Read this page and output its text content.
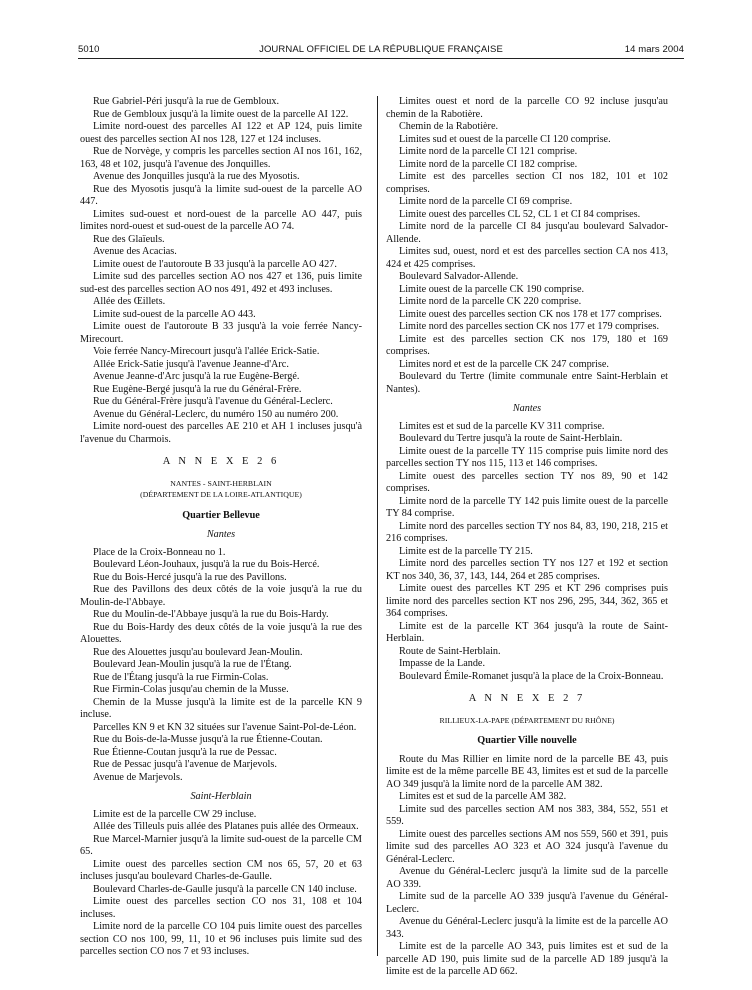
5010	JOURNAL OFFICIEL DE LA RÉPUBLIQUE FRANÇAISE	14 mars 2004

Rue Gabriel-Péri jusqu'à la rue de Gembloux.

Rue de Gembloux jusqu'à la limite ouest de la parcelle AI 122.

Limite nord-ouest des parcelles AI 122 et AP 124, puis limite ouest des parcelles section AI nos 128, 127 et 124 incluses.

Rue de Norvège, y compris les parcelles section AI nos 161, 162, 163, 48 et 102, jusqu'à l'avenue des Jonquilles.

Avenue des Jonquilles jusqu'à la rue des Myosotis.

Rue des Myosotis jusqu'à la limite sud-ouest de la parcelle AO 447.

Limites sud-ouest et nord-ouest de la parcelle AO 447, puis limites nord-ouest et sud-ouest de la parcelle AO 74.

Rue des Glaïeuls.

Avenue des Acacias.

Limite ouest de l'autoroute B 33 jusqu'à la parcelle AO 427.

Limite sud des parcelles section AO nos 427 et 136, puis limite sud-est des parcelles section AO nos 491, 492 et 493 incluses.

Allée des Œillets.

Limite sud-ouest de la parcelle AO 443.

Limite ouest de l'autoroute B 33 jusqu'à la voie ferrée Nancy-Mirecourt.

Voie ferrée Nancy-Mirecourt jusqu'à l'allée Erick-Satie.

Allée Erick-Satie jusqu'à l'avenue Jeanne-d'Arc.

Avenue Jeanne-d'Arc jusqu'à la rue Eugène-Bergé.

Rue Eugène-Bergé jusqu'à la rue du Général-Frère.

Rue du Général-Frère jusqu'à l'avenue du Général-Leclerc.

Avenue du Général-Leclerc, du numéro 150 au numéro 200.

Limite nord-ouest des parcelles AE 210 et AH 1 incluses jusqu'à l'avenue du Charmois.

A N N E X E 2 6

NANTES - SAINT-HERBLAIN

(DÉPARTEMENT DE LA LOIRE-ATLANTIQUE)

Quartier Bellevue

Nantes

Place de la Croix-Bonneau no 1.

Boulevard Léon-Jouhaux, jusqu'à la rue du Bois-Hercé.

Rue du Bois-Hercé jusqu'à la rue des Pavillons.

Rue des Pavillons des deux côtés de la voie jusqu'à la rue du Moulin-de-l'Abbaye.

Rue du Moulin-de-l'Abbaye jusqu'à la rue du Bois-Hardy.

Rue du Bois-Hardy des deux côtés de la voie jusqu'à la rue des Alouettes.

Rue des Alouettes jusqu'au boulevard Jean-Moulin.

Boulevard Jean-Moulin jusqu'à la rue de l'Étang.

Rue de l'Étang jusqu'à la rue Firmin-Colas.

Rue Firmin-Colas jusqu'au chemin de la Musse.

Chemin de la Musse jusqu'à la limite est de la parcelle KN 9 incluse.

Parcelles KN 9 et KN 32 situées sur l'avenue Saint-Pol-de-Léon.

Rue du Bois-de-la-Musse jusqu'à la rue Étienne-Coutan.

Rue Étienne-Coutan jusqu'à la rue de Pessac.

Rue de Pessac jusqu'à l'avenue de Marjevols.

Avenue de Marjevols.

Saint-Herblain

Limite est de la parcelle CW 29 incluse.

Allée des Tilleuls puis allée des Platanes puis allée des Ormeaux.

Rue Marcel-Marnier jusqu'à la limite sud-ouest de la parcelle CM 65.

Limite ouest des parcelles section CM nos 65, 57, 20 et 63 incluses jusqu'au boulevard Charles-de-Gaulle.

Boulevard Charles-de-Gaulle jusqu'à la parcelle CN 140 incluse.

Limite ouest des parcelles section CO nos 31, 108 et 104 incluses.

Limite nord de la parcelle CO 104 puis limite ouest des parcelles section CO nos 100, 99, 11, 10 et 96 incluses puis limite sud des parcelles section CO nos 7 et 93 incluses.

Limites ouest et nord de la parcelle CO 92 incluse jusqu'au chemin de la Rabotière.

Chemin de la Rabotière.

Limites sud et ouest de la parcelle CI 120 comprise.

Limite nord de la parcelle CI 121 comprise.

Limite nord de la parcelle CI 182 comprise.

Limite est des parcelles section CI nos 182, 101 et 102 comprises.

Limite nord de la parcelle CI 69 comprise.

Limite ouest des parcelles CL 52, CL 1 et CI 84 comprises.

Limite nord de la parcelle CI 84 jusqu'au boulevard Salvador-Allende.

Limites sud, ouest, nord et est des parcelles section CA nos 413, 424 et 425 comprises.

Boulevard Salvador-Allende.

Limite ouest de la parcelle CK 190 comprise.

Limite nord de la parcelle CK 220 comprise.

Limite ouest des parcelles section CK nos 178 et 177 comprises.

Limite nord des parcelles section CK nos 177 et 179 comprises.

Limite est des parcelles section CK nos 179, 180 et 169 comprises.

Limites nord et est de la parcelle CK 247 comprise.

Boulevard du Tertre (limite communale entre Saint-Herblain et Nantes).

Nantes

Limites est et sud de la parcelle KV 311 comprise.

Boulevard du Tertre jusqu'à la route de Saint-Herblain.

Limite ouest de la parcelle TY 115 comprise puis limite nord des parcelles section TY nos 115, 113 et 146 comprises.

Limite ouest des parcelles section TY nos 89, 90 et 142 comprises.

Limite nord de la parcelle TY 142 puis limite ouest de la parcelle TY 84 comprise.

Limite nord des parcelles section TY nos 84, 83, 190, 218, 215 et 216 comprises.

Limite est de la parcelle TY 215.

Limite nord des parcelles section TY nos 127 et 192 et section KT nos 340, 36, 37, 143, 144, 264 et 285 comprises.

Limite ouest des parcelles KT 295 et KT 296 comprises puis limite nord des parcelles section KT nos 296, 295, 344, 362, 365 et 364 comprises.

Limite est de la parcelle KT 364 jusqu'à la route de Saint-Herblain.

Route de Saint-Herblain.

Impasse de la Lande.

Boulevard Émile-Romanet jusqu'à la place de la Croix-Bonneau.

A N N E X E 2 7

RILLIEUX-LA-PAPE (DÉPARTEMENT DU RHÔNE)

Quartier Ville nouvelle

Route du Mas Rillier en limite nord de la parcelle BE 43, puis limite est de la même parcelle BE 43, limites est et sud de la parcelle AO 349 jusqu'à la limite nord de la parcelle AM 382.

Limites est et sud de la parcelle AM 382.

Limite sud des parcelles section AM nos 383, 384, 552, 551 et 559.

Limite ouest des parcelles sections AM nos 559, 560 et 391, puis limite sud des parcelles AO 323 et AO 324 jusqu'à l'avenue du Général-Leclerc.

Avenue du Général-Leclerc jusqu'à la limite sud de la parcelle AO 339.

Limite sud de la parcelle AO 339 jusqu'à l'avenue du Général-Leclerc.

Avenue du Général-Leclerc jusqu'à la limite est de la parcelle AO 343.

Limite est de la parcelle AO 343, puis limites est et sud de la parcelle AD 190, puis limite sud de la parcelle AD 189 jusqu'à la limite est de la parcelle AD 662.
